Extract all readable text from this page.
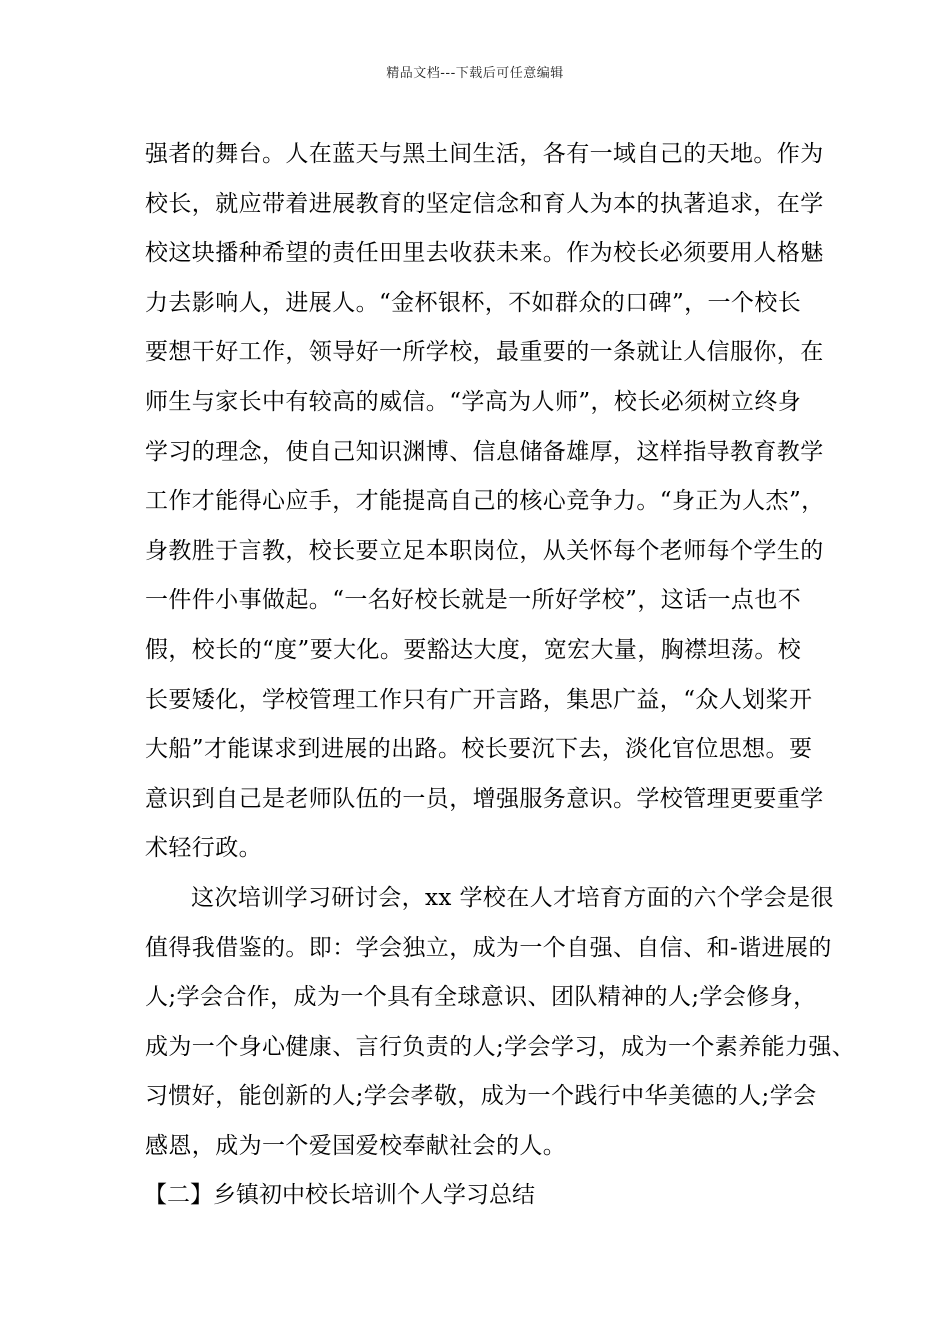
精品文档---下载后可任意编辑
强者的舞台。人在蓝天与黑土间生活，各有一域自己的天地。作为
校长，就应带着进展教育的坚定信念和育人为本的执著追求，在学
校这块播种希望的责任田里去收获未来。作为校长必须要用人格魅
力去影响人，进展人。“金杯银杯，不如群众的口碑”，一个校长
要想干好工作，领导好一所学校，最重要的一条就让人信服你，在
师生与家长中有较高的威信。“学高为人师”，校长必须树立终身
学习的理念，使自己知识渊博、信息储备雄厚，这样指导教育教学
工作才能得心应手，才能提高自己的核心竞争力。“身正为人杰”，
身教胜于言教，校长要立足本职岗位，从关怀每个老师每个学生的
一件件小事做起。“一名好校长就是一所好学校”，这话一点也不
假，校长的“度”要大化。要豁达大度，宽宏大量，胸襟坦荡。校
长要矮化，学校管理工作只有广开言路，集思广益，“众人划桨开
大船”才能谋求到进展的出路。校长要沉下去，淡化官位思想。要
意识到自己是老师队伍的一员，增强服务意识。学校管理更要重学
术轻行政。
这次培训学习研讨会，xx 学校在人才培育方面的六个学会是很
值得我借鉴的。即：学会独立，成为一个自强、自信、和-谐进展的
人;学会合作，成为一个具有全球意识、团队精神的人;学会修身，
成为一个身心健康、言行负责的人;学会学习，成为一个素养能力强、
习惯好，能创新的人;学会孝敬，成为一个践行中华美德的人;学会
感恩，成为一个爱国爱校奉献社会的人。
【二】乡镇初中校长培训个人学习总结
